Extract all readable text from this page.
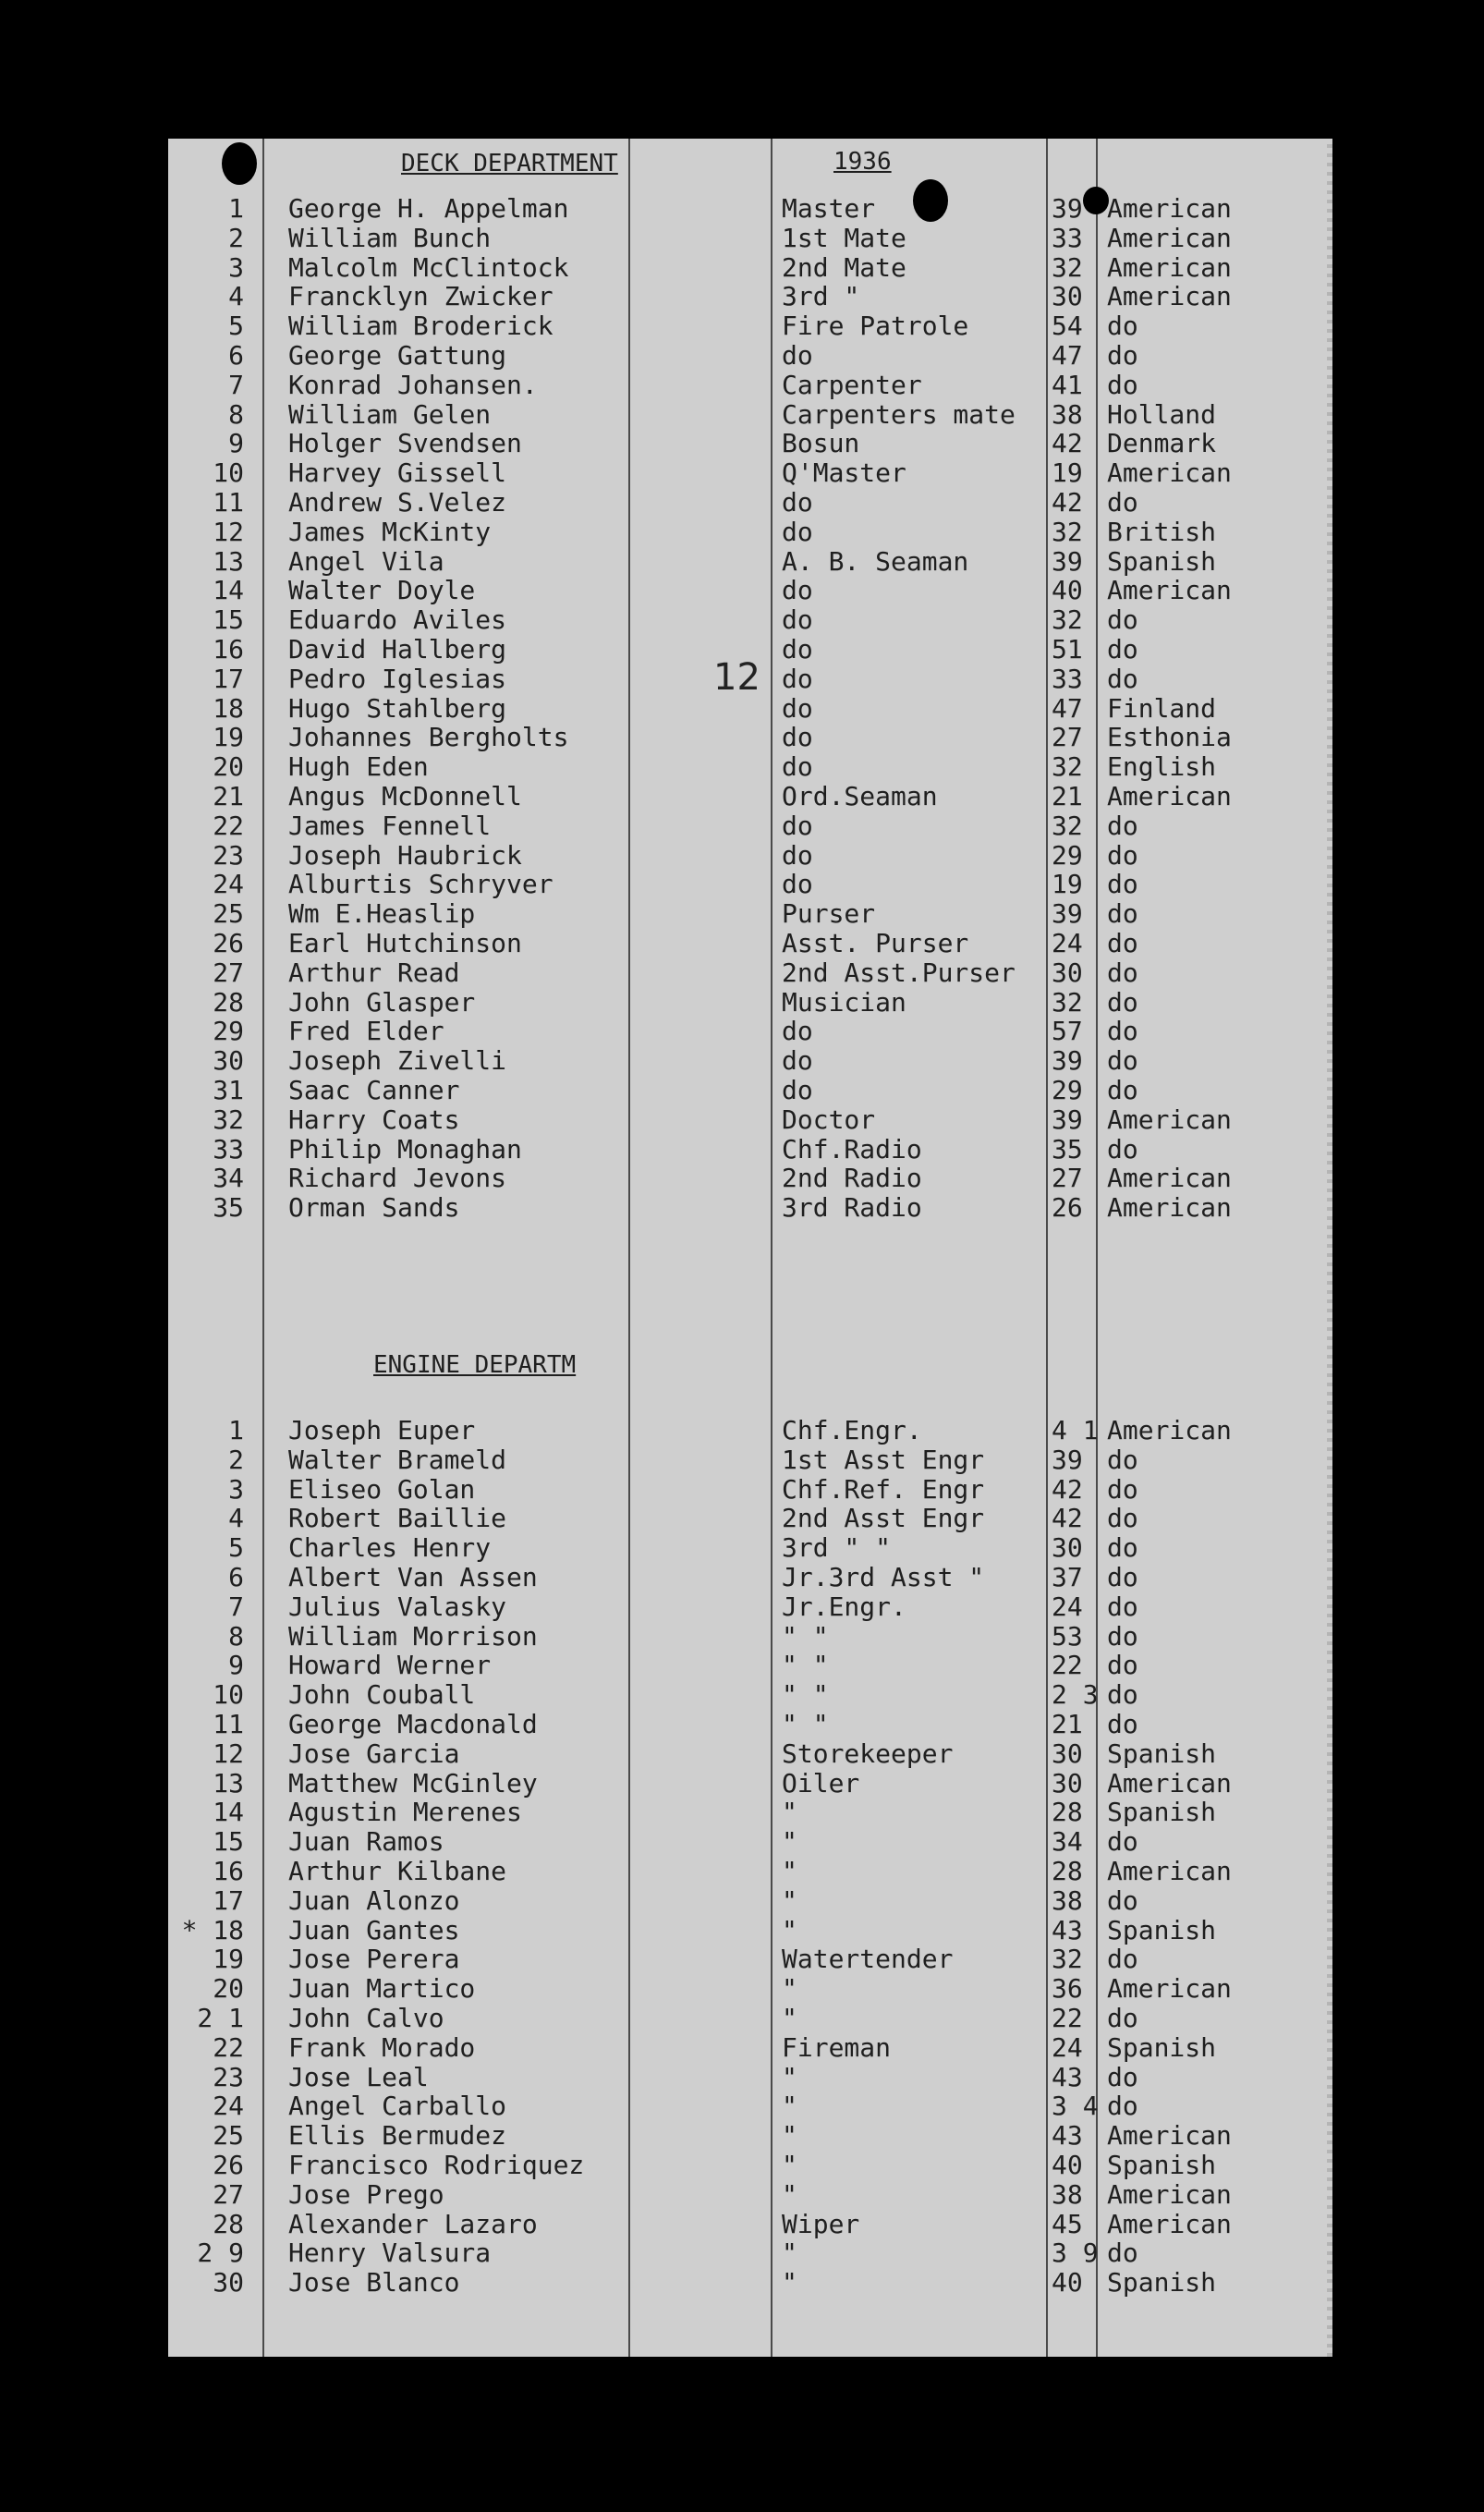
DECK DEPARTMENT	1936
12
ENGINE DEPARTM
1 George H. Appelman	Master	39 American
2 William Bunch	1st Mate	33 American
3 Malcolm McClintock	2nd Mate	32 American
4 Francklyn Zwicker	3rd "	30 American
5 William Broderick	Fire Patrole	54 do
6 George Gattung	do	47 do
7 Konrad Johansen.	Carpenter	41 do
8 William Gelen	Carpenters mate 38 Holland
9 Holger Svendsen	Bosun	42 Denmark
10 Harvey Gissell	Q'Master	19 American
11 Andrew S.Velez	do	42 do
12 James McKinty	do	32 British
13 Angel Vila	A. B. Seaman	39 Spanish
14 Walter Doyle	do	40 American
15 Eduardo Aviles	do	32 do
16 David Hallberg	do	51 do
17 Pedro Iglesias	do	33 do
18 Hugo Stahlberg	do	47 Finland
19 Johannes Bergholts	do	27 Esthonia
20 Hugh Eden	do	32 English
21 Angus McDonnell	Ord.Seaman	21 American
22 James Fennell	do	32 do
23 Joseph Haubrick	do	29 do
24 Alburtis Schryver	do	19 do
25 Wm E.Heaslip	Purser	39 do
26 Earl Hutchinson	Asst. Purser	24 do
27 Arthur Read	2nd Asst.Purser 30 do
28 John Glasper	Musician	32 do
29 Fred Elder	do	57 do
30 Joseph Zivelli	do	39 do
31 Saac Canner	do	29 do
32 Harry Coats	Doctor	39 American
33 Philip Monaghan	Chf.Radio	35 do
34 Richard Jevons	2nd Radio	27 American
35 Orman Sands	3rd Radio	26 American
1 Joseph Euper	Chf.Engr.	4 1 American
2 Walter Brameld	1st Asst Engr	39 do
3 Eliseo Golan	Chf.Ref. Engr	42 do
4 Robert Baillie	2nd Asst Engr	42 do
5 Charles Henry	3rd " "	30 do
6 Albert Van Assen	Jr.3rd Asst "	37 do
7 Julius Valasky	Jr.Engr.	24 do
8 William Morrison	" "	53 do
9 Howard Werner	" "	22 do
10 John Couball	" "	2 3 do
11 George Macdonald	" "	21 do
12 Jose Garcia	Storekeeper	30 Spanish
13 Matthew McGinley	Oiler	30 American
14 Agustin Merenes	"	28 Spanish
15 Juan Ramos	"	34 do
16 Arthur Kilbane	"	28 American
17 Juan Alonzo	"	38 do
* 18 Juan Gantes	"	43 Spanish
19 Jose Perera	Watertender	32 do
20 Juan Martico	"	36 American
2 1 John Calvo	"	22 do
22 Frank Morado	Fireman	24 Spanish
23 Jose Leal	"	43 do
24 Angel Carballo	"	3 4 do
25 Ellis Bermudez	"	43 American
26 Francisco Rodriquez	"	40 Spanish
27 Jose Prego	"	38 American
28 Alexander Lazaro	Wiper	45 American
2 9 Henry Valsura	"	3 9 do
30 Jose Blanco	"	40 Spanish
